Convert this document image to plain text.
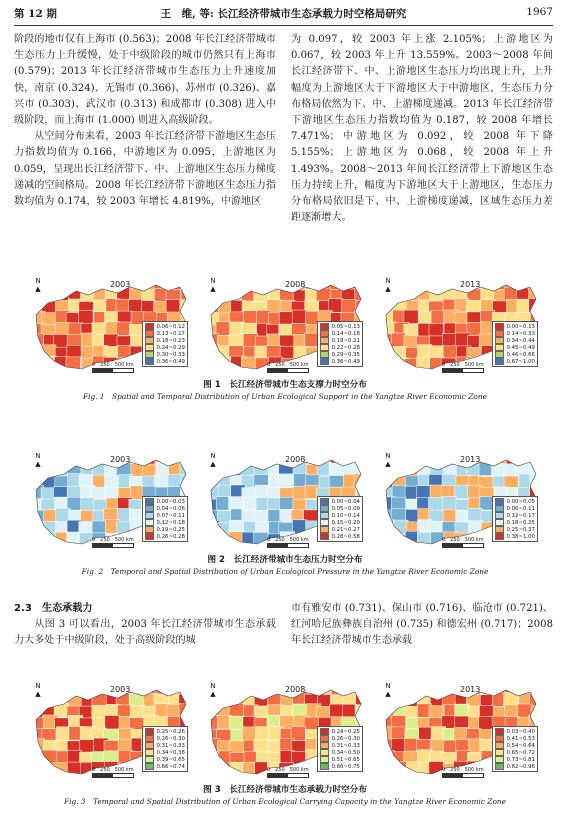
第 12 期	王　维, 等: 长江经济带城市生态承载力时空格局研究	1967

阶段的地市仅有上海市 (0.563)；2008 年长江经济带城市生态压力上升缓慢，处于中级阶段的城市仍然只有上海市 (0.579)；2013 年长江经济带城市生态压力上升速度加快，南京 (0.324)、无锡市 (0.366)、苏州市 (0.326)、嘉兴市 (0.303)、武汉市 (0.313) 和成都市 (0.308) 进入中级阶段，而上海市 (1.000) 则进入高级阶段。

从空间分布来看，2003 年长江经济带下游地区生态压力指数均值为 0.166，中游地区为 0.095，上游地区为 0.059，呈现出长江经济带下、中、上游地区生态压力梯度递减的空间格局。2008 年长江经济带下游地区生态压力指数均值为 0.174，较 2003 年增长 4.819%，中游地区

为 0.097，较 2003 年上涨 2.105%；上游地区为 0.067，较 2003 年上升 13.559%。2003～2008 年间长江经济带下、中、上游地区生态压力均出现上升，上升幅度为上游地区大于下游地区大于中游地区，生态压力分布格局依然为下、中、上游梯度递减。2013 年长江经济带下游地区生态压力指数均值为 0.187，较 2008 年增长 7.471%；中游地区为 0.092，较 2008 年下降 5.155%；上游地区为 0.068，较 2008 年上升 1.493%。2008～2013 年间长江经济带上下游地区生态压力持续上升，幅度为下游地区大于上游地区，生态压力分布格局依旧是下、中、上游梯度递减，区域生态压力差距逐渐增大。

2003
N
▲
0　250　500 km
0.06~0.12
0.13~0.17
0.18~0.23
0.24~0.29
0.30~0.33
0.36~0.49
2008
N
▲
0　250　500 km
0.05~0.13
0.14~0.18
0.19~0.21
0.22~0.28
0.29~0.35
0.36~0.49
2013
N
▲
0　250　500 km
0.00~0.13
0.14~0.33
0.34~0.44
0.45~0.49
0.46~0.66
0.67~1.00
图 1　长江经济带城市生态支撑力时空分布
Fig. 1　Spatial and Temporal Distribution of Urban Ecological Support in the Yangtze River Economic Zone
2003
N
▲
0　250　500 km
0.00~0.03
0.04~0.06
0.07~0.11
0.12~0.18
0.19~0.25
0.26~0.28
2008
N
▲
0　250　500 km
0.00~0.04
0.05~0.09
0.10~0.14
0.15~0.20
0.21~0.27
0.28~0.58
2013
N
▲
0　250　500 km
0.00~0.05
0.06~0.11
0.12~0.17
0.18~0.25
0.25~0.37
0.38~1.00
图 2　长江经济带城市生态压力时空分布
Fig. 2　Temporal and Spatial Distribution of Urban Ecological Pressure in the Yangtze River Economic Zone

2.3　 生态承载力

从图 3 可以看出，2003 年长江经济带城市生态承载力大多处于中级阶段，处于高级阶段的城

市有雅安市 (0.731)、保山市 (0.716)、临沧市 (0.721)、红河哈尼族彝族自治州 (0.735) 和德宏州 (0.717)；2008 年长江经济带城市生态承载

2003
N
▲
0　250　500 km
0.25~0.26
0.26~0.30
0.31~0.33
0.34~0.38
0.39~0.65
0.66~0.74
2008
N
▲
0　250　500 km
0.24~0.25
0.26~0.30
0.31~0.33
0.34~0.50
0.51~0.65
0.66~0.75
2013
N
▲
0　250　500 km
0.03~0.40
0.41~0.53
0.54~0.64
0.65~0.72
0.73~0.81
0.82~0.96
图 3　长江经济带城市生态承载力时空分布
Fig. 3　Temporal and Spatial Distribution of Urban Ecological Carrying Capacity in the Yangtze River Economic Zone
